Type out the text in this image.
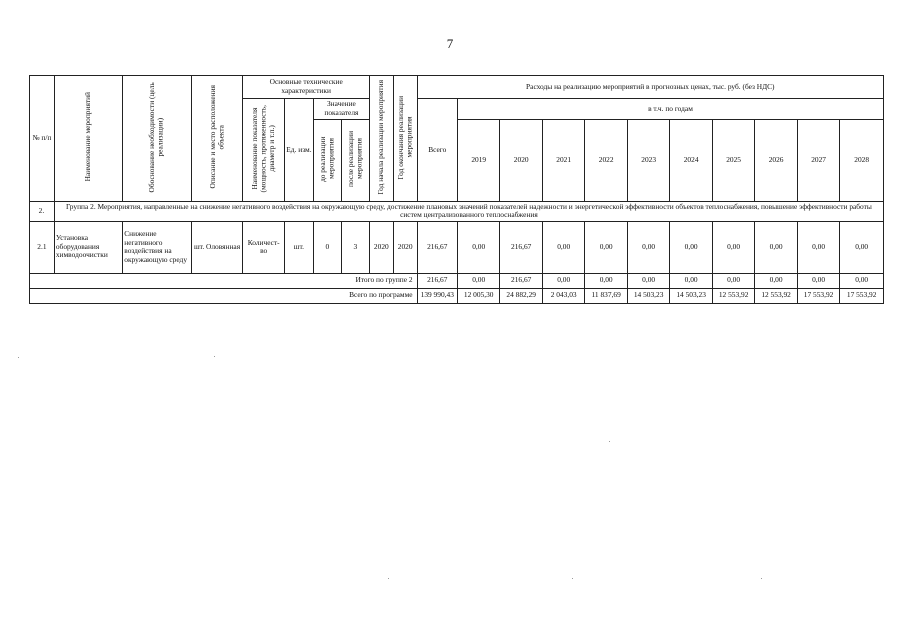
7
№ п/п	Наименование мероприятий	Обоснование необходимости (цель реализации)	Описание и место расположения объекта	Основные технические характеристики				Год начала реализации мероприятия	Год окончания реализации мероприятия	Расходы на реализацию мероприятий в прогнозных ценах, тыс. руб. (без НДС)										
				Наименование показателя (мощность, протяженность, диаметр и т.п.)	Ед. изм.	Значение показателя				Всего	в т.ч. по годам									
						до реализации мероприятия	после реализации мероприятия				2019	2020	2021	2022	2023	2024	2025	2026	2027	2028
2.	Группа 2. Мероприятия, направленные на снижение негативного воздействия на окружающую среду, достижение плановых значений показателей надежности и энергетической эффективности объектов теплоснабжения, повышение эффективности работы систем централизованного теплоснабжения																			
2.1	Установка оборудования химводоочистки	Снижение негативного воздействия на окружающую среду	шт. Оловянная	Количест-во	шт.	0	3	2020	2020	216,67	0,00	216,67	0,00	0,00	0,00	0,00	0,00	0,00	0,00	0,00
Итого по группе 2										216,67	0,00	216,67	0,00	0,00	0,00	0,00	0,00	0,00	0,00	0,00
Всего по программе										139 990,43	12 005,30	24 882,29	2 043,03	11 837,69	14 503,23	14 503,23	12 553,92	12 553,92	17 553,92	17 553,92
